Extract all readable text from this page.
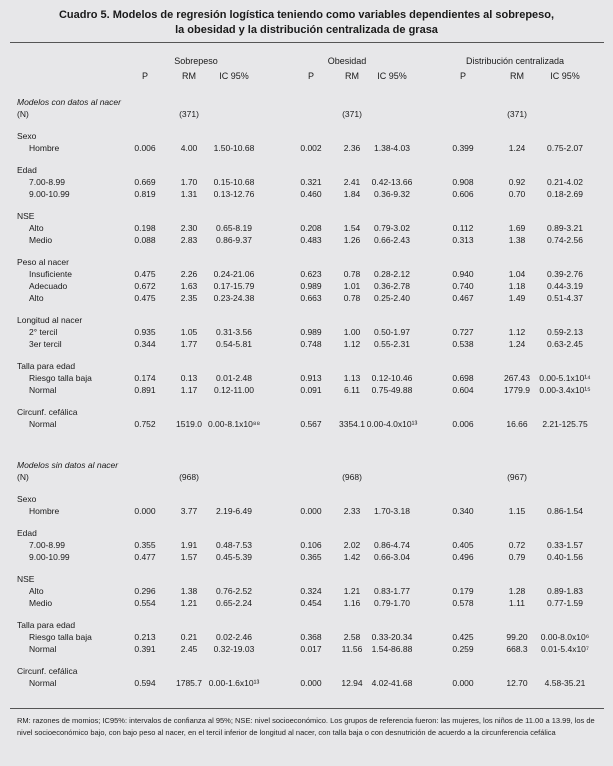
Cuadro 5. Modelos de regresión logística teniendo como variables dependientes al sobrepeso,
la obesidad y la distribución centralizada de grasa
Sobrepeso	Obesidad	Distribución centralizada
P	RM	IC 95%	P	RM IC 95%	P	RM	IC 95%
Modelos con datos al nacer
(N)	(371)	(371)	(371)
Sexo
Hombre	0.006	4.00 1.50-10.68	0.002	2.36 1.38-4.03	0.399	1.24	0.75-2.07
Edad
7.00-8.99	0.669	1.70 0.15-10.68	0.321	2.41 0.42-13.66	0.908	0.92	0.21-4.02
9.00-10.99	0.819	1.31 0.13-12.76	0.460	1.84 0.36-9.32	0.606	0.70	0.18-2.69
NSE
Alto	0.198	2.30 0.65-8.19	0.208	1.54 0.79-3.02	0.112	1.69	0.89-3.21
Medio	0.088	2.83 0.86-9.37	0.483	1.26 0.66-2.43	0.313	1.38	0.74-2.56
Peso al nacer
Insuficiente	0.475	2.26 0.24-21.06	0.623	0.78 0.28-2.12	0.940	1.04	0.39-2.76
Adecuado	0.672	1.63 0.17-15.79	0.989	1.01 0.36-2.78	0.740	1.18	0.44-3.19
Alto	0.475	2.35 0.23-24.38	0.663	0.78 0.25-2.40	0.467	1.49	0.51-4.37
Longitud al nacer
2° tercil	0.935	1.05 0.31-3.56	0.989	1.00 0.50-1.97	0.727	1.12	0.59-2.13
3er tercil	0.344	1.77 0.54-5.81	0.748	1.12 0.55-2.31	0.538	1.24	0.63-2.45
Talla para edad
Riesgo talla baja	0.174	0.13 0.01-2.48	0.913	1.13 0.12-10.46	0.698	267.43 0.00-5.1x10¹⁴
Normal	0.891	1.17 0.12-11.00	0.091	6.11 0.75-49.88	0.604	1779.9 0.00-3.4x10¹⁵
Circunf. cefálica
Normal	0.752 1519.0 0.00-8.1x10⁸⁸	0.567 3354.1 0.00-4.0x10¹³	0.006	16.66 2.21-125.75
Modelos sin datos al nacer
(N)	(968)	(968)	(967)
Sexo
Hombre	0.000	3.77 2.19-6.49	0.000	2.33 1.70-3.18	0.340	1.15	0.86-1.54
Edad
7.00-8.99	0.355	1.91 0.48-7.53	0.106	2.02 0.86-4.74	0.405	0.72	0.33-1.57
9.00-10.99	0.477	1.57 0.45-5.39	0.365	1.42 0.66-3.04	0.496	0.79	0.40-1.56
NSE
Alto	0.296	1.38 0.76-2.52	0.324	1.21 0.83-1.77	0.179	1.28	0.89-1.83
Medio	0.554	1.21 0.65-2.24	0.454	1.16 0.79-1.70	0.578	1.11	0.77-1.59
Talla para edad
Riesgo talla baja	0.213	0.21 0.02-2.46	0.368	2.58 0.33-20.34	0.425	99.20 0.00-8.0x10⁶
Normal	0.391	2.45 0.32-19.03	0.017 11.56 1.54-86.88	0.259	668.3 0.01-5.4x10⁷
Circunf. cefálica
Normal	0.594 1785.7 0.00-1.6x10¹³	0.000 12.94 4.02-41.68	0.000	12.70 4.58-35.21
RM: razones de momios; IC95%: intervalos de confianza al 95%; NSE: nivel socioeconómico. Los grupos de referencia fueron: las mujeres, los niños de 11.00 a 13.99, los de nivel socioeconómico bajo, con bajo peso al nacer, en el tercil inferior de longitud al nacer, con talla baja o con desnutrición de acuerdo a la circunferencia cefálica
